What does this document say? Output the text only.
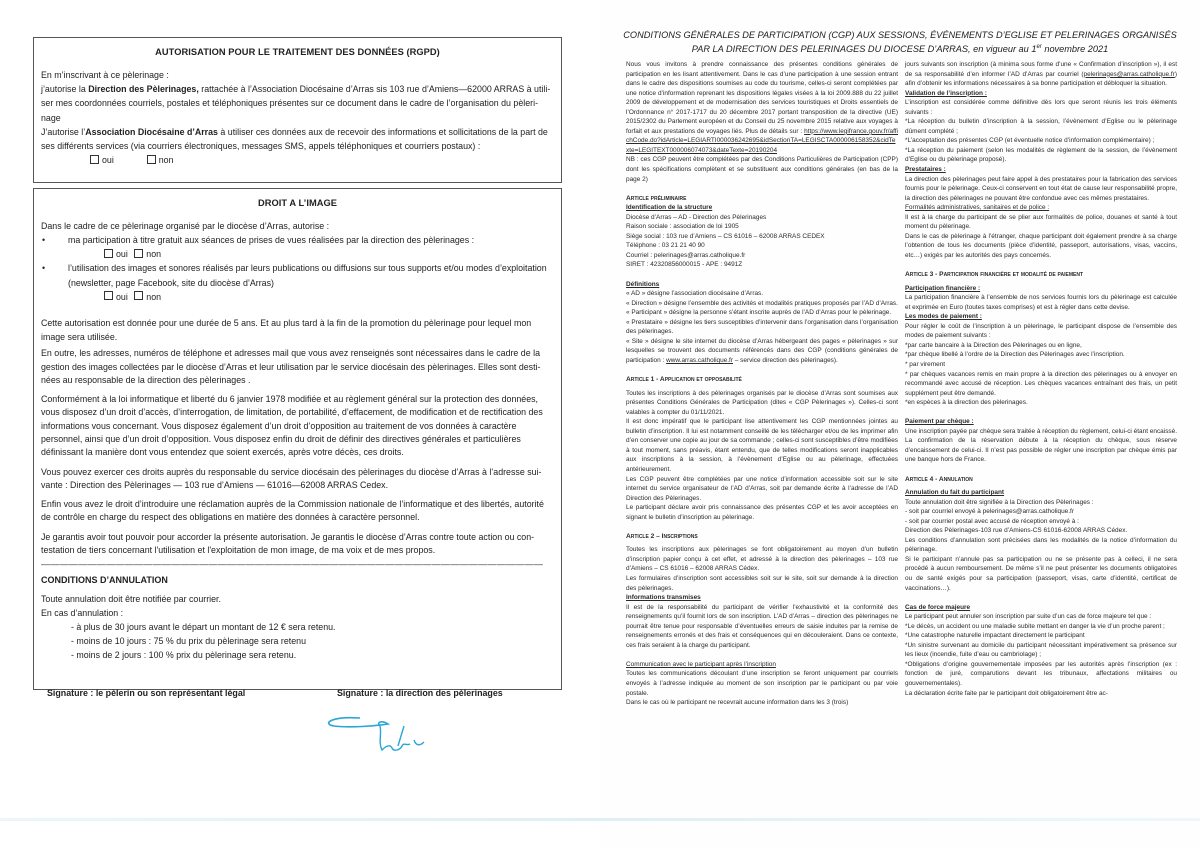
AUTORISATION POUR LE TRAITEMENT DES DONNÉES (RGPD)

En m’inscrivant à ce pèlerinage :

j’autorise la Direction des Pèlerinages, rattachée à l’Association Diocésaine d’Arras sis 103 rue d’Amiens—62000 ARRAS à utiliser mes coordonnées courriels, postales et téléphoniques présentes sur ce document dans le cadre de l’organisation du pèlerinage

J’autorise l’Association Diocésaine d’Arras à utiliser ces données aux de recevoir des informations et sollicitations de la part de ses différents services (via courriers électroniques, messages SMS, appels téléphoniques et courriers postaux) :

oui	non
DROIT A L’IMAGE

Dans le cadre de ce pèlerinage organisé par le diocèse d’Arras, autorise :

•	ma participation à titre gratuit aux séances de prises de vues réalisées par la direction des pèlerinages :
oui non
•	l’utilisation des images et sonores réalisés par leurs publications ou diffusions sur tous supports et/ou modes d’exploitation (newsletter, page Facebook, site du diocèse d’Arras)
oui non

Cette autorisation est donnée pour une durée de 5 ans. Et au plus tard à la fin de la promotion du pèlerinage pour lequel mon image sera utilisée.

En outre, les adresses, numéros de téléphone et adresses mail que vous avez renseignés sont nécessaires dans le cadre de la gestion des images collectées par le diocèse d’Arras et leur utilisation par le service diocésain des pèlerinages. Elles sont destinées au responsable de la direction des pèlerinages .

Conformément à la loi informatique et liberté du 6 janvier 1978 modifiée et au règlement général sur la protection des données, vous disposez d’un droit d’accès, d’interrogation, de limitation, de portabilité, d’effacement, de modification et de rectification des informations vous concernant. Vous disposez également d’un droit d’opposition au traitement de vos données à caractère personnel, ainsi que d’un droit d’opposition. Vous disposez enfin du droit de définir des directives générales et particulières définissant la manière dont vous entendez que soient exercés, après votre décès, ces droits.

Vous pouvez exercer ces droits auprès du responsable du service diocésain des pèlerinages du diocèse d’Arras à l’adresse suivante : Direction des Pèlerinages — 103 rue d’Amiens — 61016—62008 ARRAS Cedex.

Enfin vous avez le droit d’introduire une réclamation auprès de la Commission nationale de l’informatique et des libertés, autorité de contrôle en charge du respect des obligations en matière des données à caractère personnel.

Je garantis avoir tout pouvoir pour accorder la présente autorisation. Je garantis le diocèse d’Arras contre toute action ou contestation de tiers concernant l'utilisation et l'exploitation de mon image, de ma voix et de mes propos.

——————————————————————————————————————————————————————

CONDITIONS D’ANNULATION

Toute annulation doit être notifiée par courrier.

En cas d’annulation :

- à plus de 30 jours avant le départ un montant de 12 € sera retenu.

- moins de 10 jours : 75 % du prix du pèlerinage sera retenu

- moins de 2 jours : 100 % prix du pèlerinage sera retenu.

Signature : le pèlerin ou son représentant légal	Signature : la direction des pèlerinages
CONDITIONS GÉNÉRALES DE PARTICIPATION (CGP) AUX SESSIONS, ÉVÉNEMENTS D’EGLISE ET PELERINAGES ORGANISÉS
PAR LA DIRECTION DES PELERINAGES DU DIOCESE D’ARRAS, en vigueur au 1er novembre 2021

Nous vous invitons à prendre connaissance des présentes conditions générales de participation en les lisant attentivement. Dans le cas d’une participation à une session entrant dans le cadre des dispositions soumises au code du tourisme, celles-ci seront complétées par une notice d’information reprenant les dispositions légales visées à la loi 2009.888 du 22 juillet 2009 de développement et de modernisation des services touristiques et Droits essentiels de l’Ordonnance n° 2017-1717 du 20 décembre 2017 portant transposition de la directive (UE) 2015/2302 du Parlement européen et du Conseil du 25 novembre 2015 relative aux voyages à forfait et aux prestations de voyages liés. Plus de détails sur : https://www.legifrance.gouv.fr/affichCode.do?idArticle=LEGIARTI000036242695&idSectionTA=LEGISCTA000006158352&cidTexte=LEGITEXT000006074073&dateTexte=20190204

NB : ces CGP peuvent être complétées par des Conditions Particulières de Participation (CPP) dont les spécifications complètent et se substituent aux conditions générales (en bas de la page 2)

Article préliminaire

Identification de la structure

Diocèse d’Arras – AD - Direction des Pèlerinages

Raison sociale : association de loi 1905

Siège social : 103 rue d’Amiens – CS 61016 – 62008 ARRAS CEDEX

Téléphone : 03 21 21 40 90

Courriel : pelerinages@arras.catholique.fr

SIRET : 42320856000015 - APE : 9491Z

Définitions

« AD » désigne l’association diocésaine d’Arras.

« Direction » désigne l’ensemble des activités et modalités pratiques proposés par l’AD d’Arras.

« Participant » désigne la personne s’étant inscrite auprès de l’AD d’Arras pour le pèlerinage.

« Prestataire » désigne les tiers susceptibles d’intervenir dans l’organisation dans l’organisation des pèlerinages.

« Site » désigne le site internet du diocèse d’Arras hébergeant des pages « pèlerinages » sur lesquelles se trouvent des documents référencés dans des CGP (conditions générales de participation : www.arras.catholique.fr – service direction des pèlerinages).

Article 1 - Application et opposabilité

Toutes les inscriptions à des pèlerinages organisés par le diocèse d’Arras sont soumises aux présentes Conditions Générales de Participation (dites « CGP Pèlerinages »). Celles-ci sont valables à compter du 01/11/2021.

Il est donc impératif que le participant lise attentivement les CGP mentionnées jointes au bulletin d’inscription. Il lui est notamment conseillé de les télécharger et/ou de les imprimer afin d’en conserver une copie au jour de sa commande ; celles-ci sont susceptibles d’être modifiées à tout moment, sans préavis, étant entendu, que de telles modifications seront inapplicables aux inscriptions à la session, à l’évènement d’Eglise ou au pèlerinage, effectuées antérieurement.

Les CGP peuvent être complétées par une notice d’information accessible soit sur le site internet du service organisateur de l’AD d’Arras, soit par demande écrite à l’adresse de l’AD Direction des Pèlerinages.

Le participant déclare avoir pris connaissance des présentes CGP et les avoir acceptées en signant le bulletin d’inscription au pèlerinage.

Article 2 – Inscriptions

Toutes les inscriptions aux pèlerinages se font obligatoirement au moyen d’un bulletin d’inscription papier conçu à cet effet, et adressé à la direction des pèlerinages – 103 rue d’Amiens – CS 61016 – 62008 ARRAS Cédex.

Les formulaires d’inscription sont accessibles soit sur le site, soit sur demande à la direction des pèlerinages.

Informations transmises

Il est de la responsabilité du participant de vérifier l’exhaustivité et la conformité des renseignements qu’il fournit lors de son inscription. L’AD d’Arras – direction des pèlerinages ne pourrait être tenue pour responsable d’éventuelles erreurs de saisie induites par la remise de renseignements erronés et des frais et conséquences qui en découleraient. Dans ce contexte, ces frais seraient à la charge du participant.

Communication avec le participant après l’inscription

Toutes les communications découlant d’une inscription se feront uniquement par courriels envoyés à l’adresse indiquée au moment de son inscription par le participant ou par voie postale.

Dans le cas où le participant ne recevrait aucune information dans les 3 (trois)

jours suivants son inscription (à minima sous forme d’une « Confirmation d’inscription »), il est de sa responsabilité d’en informer l’AD d’Arras par courriel (pelerinages@arras.catholique.fr) afin d’obtenir les informations nécessaires à sa bonne participation et débloquer la situation.

Validation de l’inscription :

L’inscription est considérée comme définitive dès lors que seront réunis les trois éléments suivants :

*La réception du bulletin d’inscription à la session, l’évènement d’Eglise ou le pèlerinage dûment complété ;

*L’acceptation des présentes CGP (et éventuelle notice d’information complémentaire) ;

*La réception du paiement (selon les modalités de règlement de la session, de l’évènement d’Eglise ou du pèlerinage proposé).

Prestataires :

La direction des pèlerinages peut faire appel à des prestataires pour la fabrication des services fournis pour le pèlerinage. Ceux-ci conservent en tout état de cause leur responsabilité propre, la direction des pèlerinages ne pouvant être confondue avec ces mêmes prestataires.

Formalités administratives, sanitaires et de police :

Il est à la charge du participant de se plier aux formalités de police, douanes et santé à tout moment du pèlerinage.

Dans le cas de pèlerinage à l’étranger, chaque participant doit également prendre à sa charge l’obtention de tous les documents (pièce d’identité, passeport, autorisations, visas, vaccins, etc…) exigés par les autorités des pays concernés.

Article 3 - Participation financière et modalité de paiement

Participation financière :

La participation financière à l’ensemble de nos services fournis lors du pèlerinage est calculée et exprimée en Euro (toutes taxes comprises) et est à régler dans cette devise.

Les modes de paiement :

Pour régler le coût de l’inscription à un pèlerinage, le participant dispose de l’ensemble des modes de paiement suivants :

*par carte bancaire à la Direction des Pèlerinages ou en ligne,

*par chèque libellé à l’ordre de la Direction des Pèlerinages avec l’inscription.

* par virement

* par chèques vacances remis en main propre à la direction des pèlerinages ou à envoyer en recommandé avec accusé de réception. Les chèques vacances entraînant des frais, un petit supplément peut être demandé.

*en espèces à la direction des pèlerinages.

Paiement par chèque :

Une inscription payée par chèque sera traitée à réception du règlement, celui-ci étant encaissé. La confirmation de la réservation débute à la réception du chèque, sous réserve d’encaissement de celui-ci. Il n’est pas possible de régler une inscription par chèque émis par une banque hors de France.

Article 4 - Annulation

Annulation du fait du participant

Toute annulation doit être signifiée à la Direction des Pèlerinages :

- soit par courriel envoyé à pelerinages@arras.catholique.fr

- soit par courrier postal avec accusé de réception envoyé à :

Direction des Pèlerinages-103 rue d’Amiens-CS 61016-62008 ARRAS Cédex.

Les conditions d’annulation sont précisées dans les modalités de la notice d’information du pèlerinage.

Si le participant n’annule pas sa participation ou ne se présente pas à celleci, il ne sera procédé à aucun remboursement. De même s’il ne peut présenter les documents obligatoires ou de santé exigés pour sa participation (passeport, visas, carte d’identité, certificat de vaccinations…).

Cas de force majeure

Le participant peut annuler son inscription par suite d’un cas de force majeure tel que :

*Le décès, un accident ou une maladie subite mettant en danger la vie d’un proche parent ;

*Une catastrophe naturelle impactant directement le participant

*Un sinistre survenant au domicile du participant nécessitant impérativement sa présence sur les lieux (incendie, fuite d’eau ou cambriolage) ;

*Obligations d’origine gouvernementale imposées par les autorités après l’inscription (ex : fonction de juré, comparutions devant les tribunaux, affectations militaires ou gouvernementales).

La déclaration écrite faite par le participant doit obligatoirement être ac-
